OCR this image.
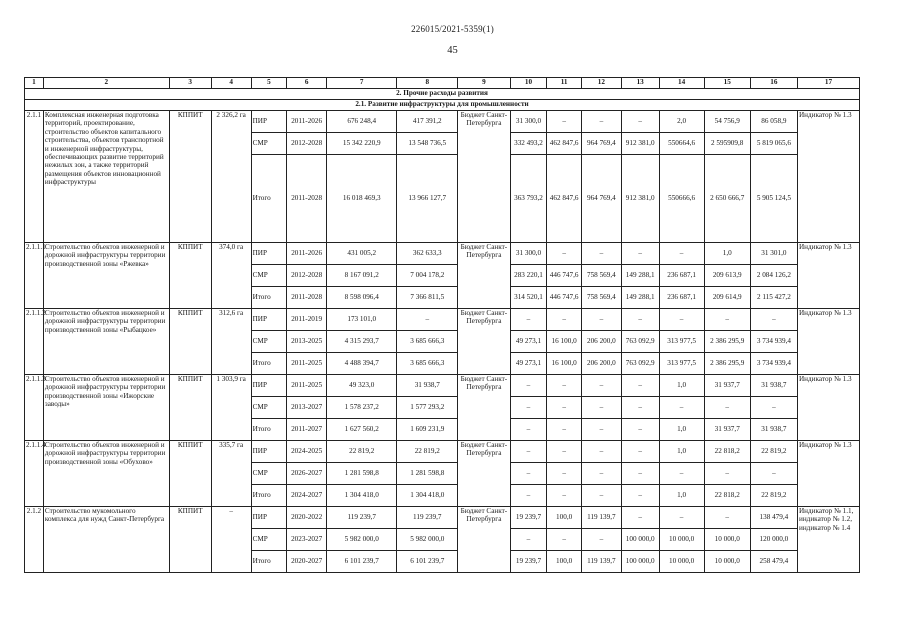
226015/2021-5359(1)
45
1	2	3	4	5	6	7	8	9	10	11	12	13	14	15	16	17
2. Прочие расходы развития																
2.1. Развитие инфраструктуры для промышленности																
2.1.1	Комплексная инженерная подготовка территорий, проектирование, строительство объектов капитального строительства, объектов транспортной и инженерной инфраструктуры, обеспечивающих развитие территорий нежилых зон, а также территорий размещения объектов инновационной инфраструктуры	КППИТ	2 326,2 га	ПИР	2011-2026	676 248,4	417 391,2	Бюджет Санкт-Петербурга	31 300,0	–	–	–	2,0	54 756,9	86 058,9	Индикатор № 1.3
				СМР	2012-2028	15 342 220,9	13 548 736,5		332 493,2	462 847,6	964 769,4	912 381,0	550664,6	2 595909,8	5 819 065,6	
				Итого	2011-2028	16 018 469,3	13 966 127,7		363 793,2	462 847,6	964 769,4	912 381,0	550666,6	2 650 666,7	5 905 124,5	
2.1.1.1	Строительство объектов инженерной и дорожной инфраструктуры территории производственной зоны «Ржевка»	КППИТ	374,0 га	ПИР	2011-2026	431 005,2	362 633,3	Бюджет Санкт-Петербурга	31 300,0	–	–	–	–	1,0	31 301,0	Индикатор № 1.3
				СМР	2012-2028	8 167 091,2	7 004 178,2		283 220,1	446 747,6	758 569,4	149 288,1	236 687,1	209 613,9	2 084 126,2	
				Итого	2011-2028	8 598 096,4	7 366 811,5		314 520,1	446 747,6	758 569,4	149 288,1	236 687,1	209 614,9	2 115 427,2	
2.1.1.2	Строительство объектов инженерной и дорожной инфраструктуры территории производственной зоны «Рыбацкое»	КППИТ	312,6 га	ПИР	2011-2019	173 101,0	–	Бюджет Санкт-Петербурга	–	–	–	–	–	–	–	Индикатор № 1.3
				СМР	2013-2025	4 315 293,7	3 685 666,3		49 273,1	16 100,0	206 200,0	763 092,9	313 977,5	2 386 295,9	3 734 939,4	
				Итого	2011-2025	4 488 394,7	3 685 666,3		49 273,1	16 100,0	206 200,0	763 092,9	313 977,5	2 386 295,9	3 734 939,4	
2.1.1.3	Строительство объектов инженерной и дорожной инфраструктуры территории производственной зоны «Ижорские заводы»	КППИТ	1 303,9 га	ПИР	2011-2025	49 323,0	31 938,7	Бюджет Санкт-Петербурга	–	–	–	–	1,0	31 937,7	31 938,7	Индикатор № 1.3
				СМР	2013-2027	1 578 237,2	1 577 293,2		–	–	–	–	–	–	–	
				Итого	2011-2027	1 627 560,2	1 609 231,9		–	–	–	–	1,0	31 937,7	31 938,7	
2.1.1.4	Строительство объектов инженерной и дорожной инфраструктуры территории производственной зоны «Обухово»	КППИТ	335,7 га	ПИР	2024-2025	22 819,2	22 819,2	Бюджет Санкт-Петербурга	–	–	–	–	1,0	22 818,2	22 819,2	Индикатор № 1.3
				СМР	2026-2027	1 281 598,8	1 281 598,8		–	–	–	–	–	–	–	
				Итого	2024-2027	1 304 418,0	1 304 418,0		–	–	–	–	1,0	22 818,2	22 819,2	
2.1.2	Строительство мукомольного комплекса для нужд Санкт-Петербурга	КППИТ	–	ПИР	2020-2022	119 239,7	119 239,7	Бюджет Санкт-Петербурга	19 239,7	100,0	119 139,7	–	–	–	138 479,4	Индикатор № 1.1, индикатор № 1.2, индикатор № 1.4
				СМР	2023-2027	5 982 000,0	5 982 000,0		–	–	–	100 000,0	10 000,0	10 000,0	120 000,0	
				Итого	2020-2027	6 101 239,7	6 101 239,7		19 239,7	100,0	119 139,7	100 000,0	10 000,0	10 000,0	258 479,4	
